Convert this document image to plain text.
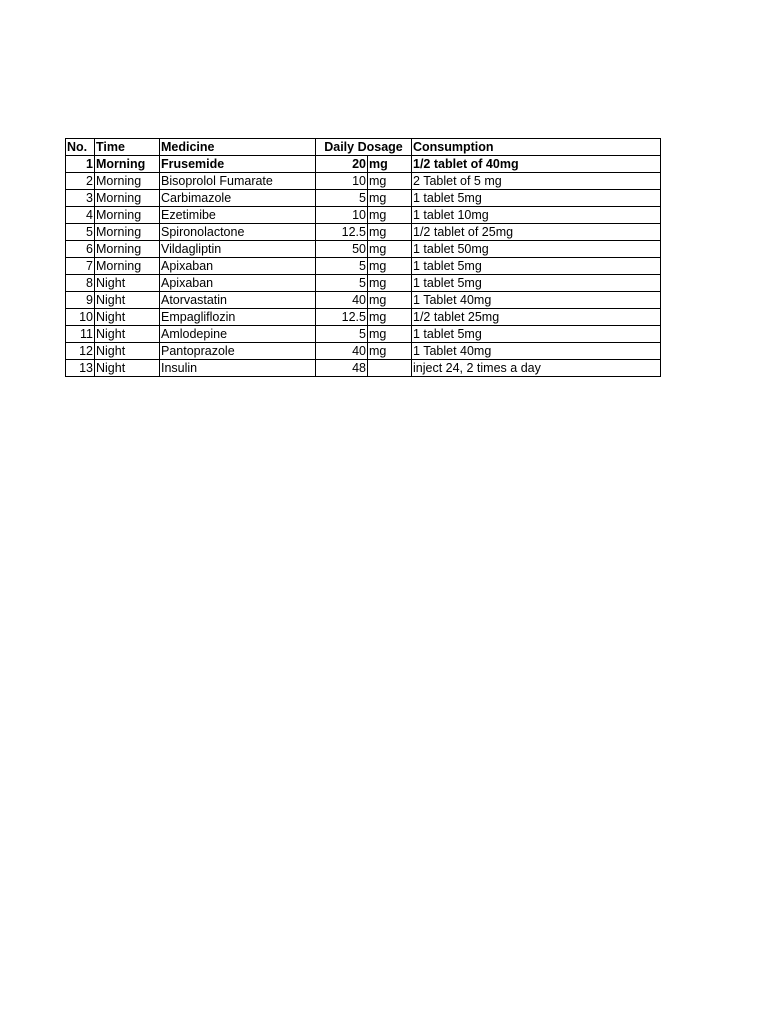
No.	Time	Medicine	Daily Dosage		Consumption
1	Morning	Frusemide	20	mg	1/2 tablet of 40mg
2	Morning	Bisoprolol Fumarate	10	mg	2 Tablet of 5 mg
3	Morning	Carbimazole	5	mg	1 tablet 5mg
4	Morning	Ezetimibe	10	mg	1 tablet 10mg
5	Morning	Spironolactone	12.5	mg	1/2 tablet of 25mg
6	Morning	Vildagliptin	50	mg	1 tablet 50mg
7	Morning	Apixaban	5	mg	1 tablet 5mg
8	Night	Apixaban	5	mg	1 tablet 5mg
9	Night	Atorvastatin	40	mg	1 Tablet 40mg
10	Night	Empagliflozin	12.5	mg	1/2 tablet 25mg
11	Night	Amlodepine	5	mg	1 tablet 5mg
12	Night	Pantoprazole	40	mg	1 Tablet 40mg
13	Night	Insulin	48		inject 24, 2 times a day
